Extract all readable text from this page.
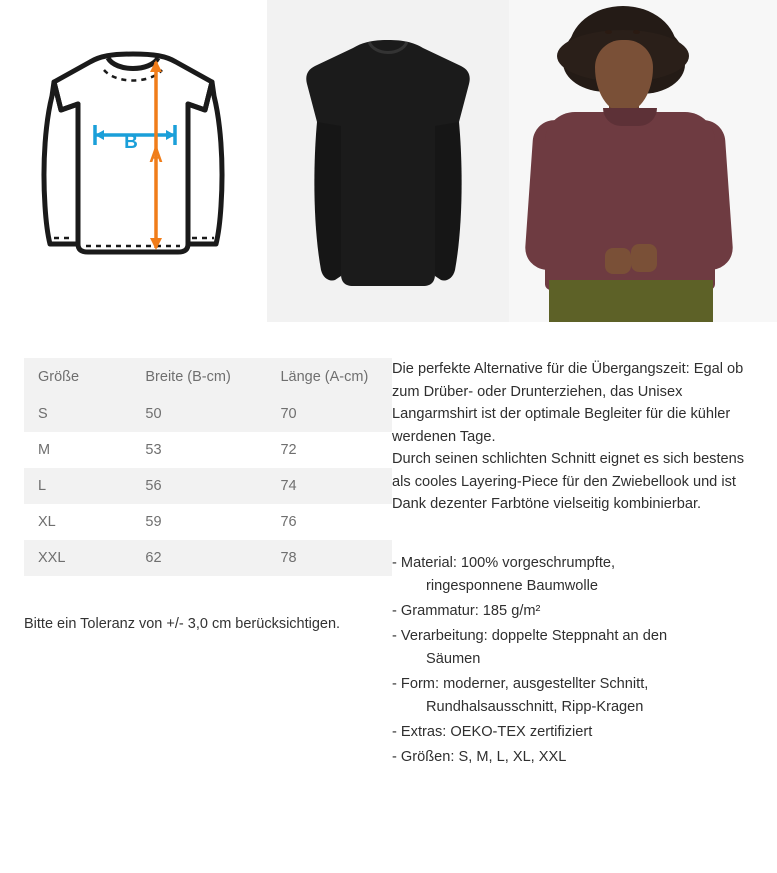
B
A
Größe	Breite (B-cm)	Länge (A-cm)
S	50	70
M	53	72
L	56	74
XL	59	76
XXL	62	78
Bitte ein Toleranz von +/- 3,0 cm berücksichtigen.

Die perfekte Alternative für die Übergangszeit: Egal ob zum Drüber- oder Drunterziehen, das Unisex Langarmshirt ist der optimale Begleiter für die kühler werdenen Tage.

Durch seinen schlichten Schnitt eignet es sich bestens als cooles Layering-Piece für den Zwiebellook und ist Dank dezenter Farbtöne vielseitig kombinierbar.

- Material: 100% vorgeschrumpfte,
ringesponnene Baumwolle
- Grammatur: 185 g/m²
- Verarbeitung: doppelte Steppnaht an den
Säumen
- Form: moderner, ausgestellter Schnitt,
Rundhalsausschnitt, Ripp-Kragen
- Extras: OEKO-TEX zertifiziert
- Größen: S, M, L, XL, XXL
